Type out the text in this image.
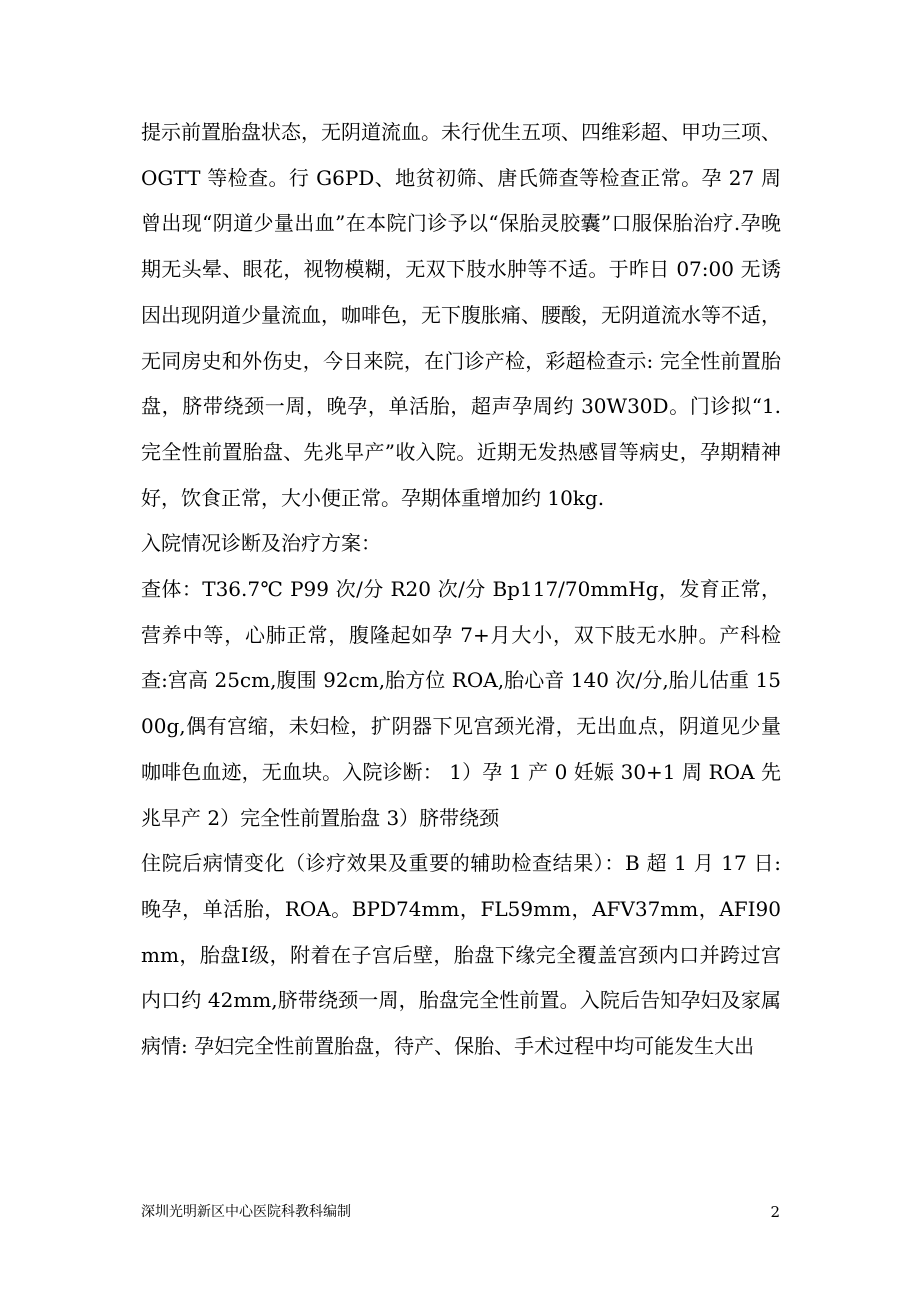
提示前置胎盘状态，无阴道流血。未行优生五项、四维彩超、甲功三项、OGTT 等检查。行 G6PD、地贫初筛、唐氏筛查等检查正常。孕 27 周曾出现“阴道少量出血”在本院门诊予以“保胎灵胶囊”口服保胎治疗.孕晚期无头晕、眼花，视物模糊，无双下肢水肿等不适。于昨日 07:00 无诱因出现阴道少量流血，咖啡色，无下腹胀痛、腰酸，无阴道流水等不适，无同房史和外伤史，今日来院，在门诊产检，彩超检查示: 完全性前置胎盘，脐带绕颈一周，晚孕，单活胎，超声孕周约 30W30D。门诊拟“1.完全性前置胎盘、先兆早产”收入院。近期无发热感冒等病史，孕期精神好，饮食正常，大小便正常。孕期体重增加约 10kg.

入院情况诊断及治疗方案：

查体：T36.7℃ P99 次/分 R20 次/分 Bp117/70mmHg，发育正常，营养中等，心肺正常，腹隆起如孕 7+月大小，双下肢无水肿。产科检查:宫高 25cm,腹围 92cm,胎方位 ROA,胎心音 140 次/分,胎儿估重 1500g,偶有宫缩，未妇检，扩阴器下见宫颈光滑，无出血点，阴道见少量咖啡色血迹，无血块。入院诊断： 1）孕 1 产 0 妊娠 30+1 周 ROA 先兆早产 2）完全性前置胎盘 3）脐带绕颈

住院后病情变化（诊疗效果及重要的辅助检查结果）：B 超 1 月 17 日:晚孕，单活胎，ROA。BPD74mm，FL59mm，AFV37mm，AFI90mm，胎盘Ⅰ级，附着在子宫后壁，胎盘下缘完全覆盖宫颈内口并跨过宫内口约 42mm,脐带绕颈一周，胎盘完全性前置。入院后告知孕妇及家属病情: 孕妇完全性前置胎盘，待产、保胎、手术过程中均可能发生大出

深圳光明新区中心医院科教科编制	2
